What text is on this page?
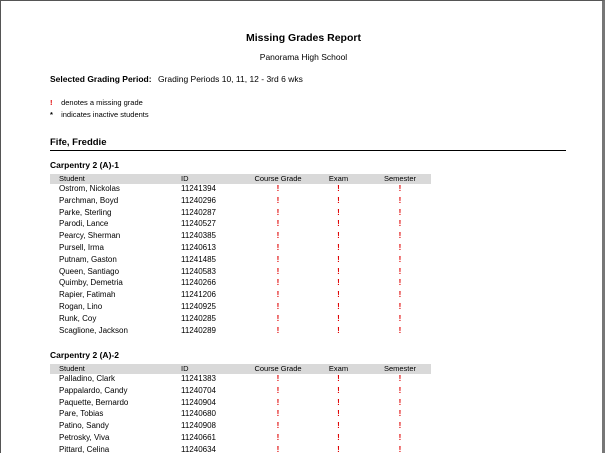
Missing Grades Report
Panorama High School
Selected Grading Period: Grading Periods 10, 11, 12 - 3rd 6 wks
! denotes a missing grade
* indicates inactive students
Fife, Freddie
Carpentry 2 (A)-1
Student	ID	Course Grade	Exam	Semester
Ostrom, Nickolas	11241394	!	!	!
Parchman, Boyd	11240296	!	!	!
Parke, Sterling	11240287	!	!	!
Parodi, Lance	11240527	!	!	!
Pearcy, Sherman	11240385	!	!	!
Pursell, Irma	11240613	!	!	!
Putnam, Gaston	11241485	!	!	!
Queen, Santiago	11240583	!	!	!
Quimby, Demetria	11240266	!	!	!
Rapier, Fatimah	11241206	!	!	!
Rogan, Lino	11240925	!	!	!
Runk, Coy	11240285	!	!	!
Scaglione, Jackson	11240289	!	!	!
Carpentry 2 (A)-2
Student	ID	Course Grade	Exam	Semester
Palladino, Clark	11241383	!	!	!
Pappalardo, Candy	11240704	!	!	!
Paquette, Bernardo	11240904	!	!	!
Pare, Tobias	11240680	!	!	!
Patino, Sandy	11240908	!	!	!
Petrosky, Viva	11240661	!	!	!
Pittard, Celina	11240634	!	!	!
